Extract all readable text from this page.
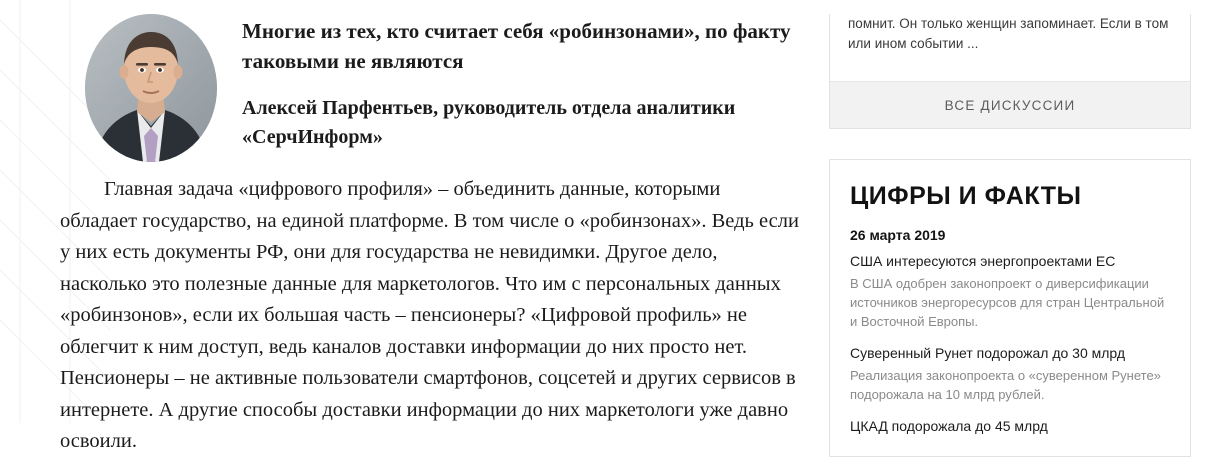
Многие из тех, кто считает себя «робинзонами», по факту таковыми не являются

Алексей Парфентьев, руководитель отдела аналитики «СерчИнформ»

Главная задача «цифрового профиля» – объединить данные, которыми обладает государство, на единой платформе. В том числе о «робинзонах». Ведь если у них есть документы РФ, они для государства не невидимки. Другое дело, насколько это полезные данные для маркетологов. Что им с персональных данных «робинзонов», если их большая часть – пенсионеры? «Цифровой профиль» не облегчит к ним доступ, ведь каналов доставки информации до них просто нет. Пенсионеры – не активные пользователи смартфонов, соцсетей и других сервисов в интернете. А другие способы доставки информации до них маркетологи уже давно освоили.

помнит. Он только женщин запоминает. Если в том или ином событии ...

ВСЕ ДИСКУССИИ
ЦИФРЫ И ФАКТЫ

26 марта 2019

США интересуются энергопроектами ЕС

В США одобрен законопроект о диверсификации источников энергоресурсов для стран Центральной и Восточной Европы.

Суверенный Рунет подорожал до 30 млрд

Реализация законопроекта о «суверенном Рунете» подорожала на 10 млрд рублей.

ЦКАД подорожала до 45 млрд
